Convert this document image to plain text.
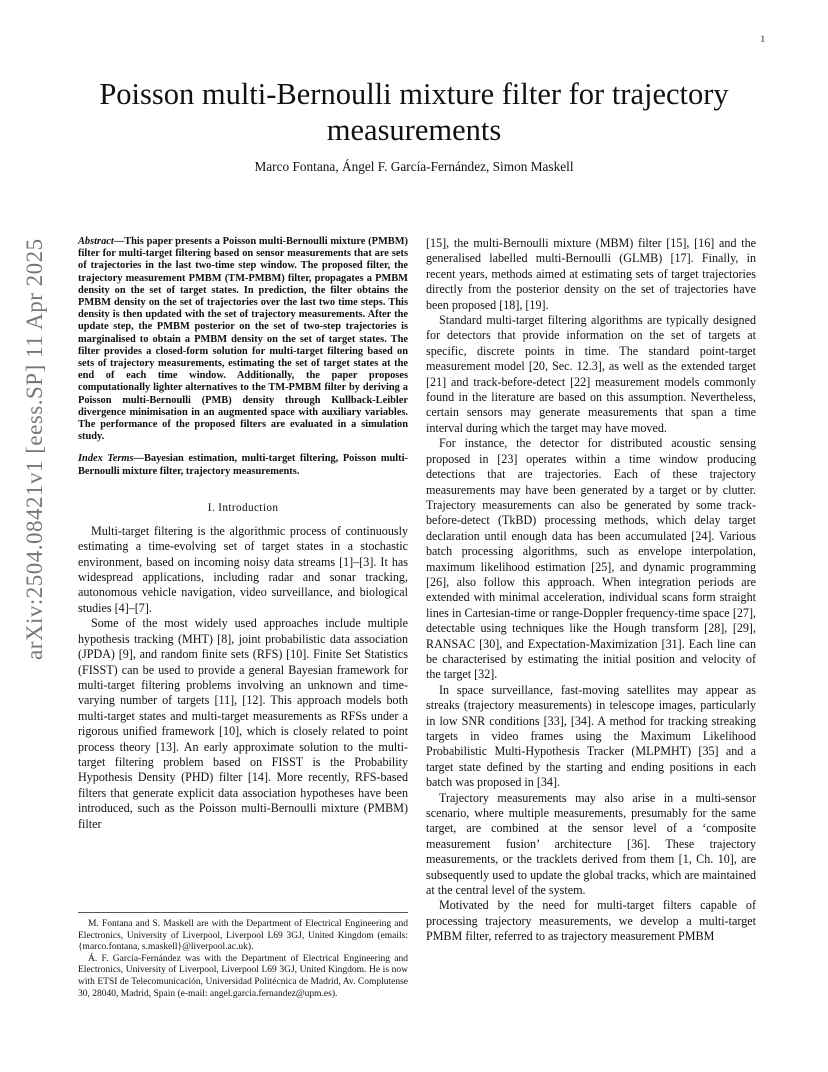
1
arXiv:2504.08421v1 [eess.SP] 11 Apr 2025
Poisson multi-Bernoulli mixture filter for trajectory measurements
Marco Fontana, Ángel F. García-Fernández, Simon Maskell

Abstract—This paper presents a Poisson multi-Bernoulli mixture (PMBM) filter for multi-target filtering based on sensor measurements that are sets of trajectories in the last two-time step window. The proposed filter, the trajectory measurement PMBM (TM-PMBM) filter, propagates a PMBM density on the set of target states. In prediction, the filter obtains the PMBM density on the set of trajectories over the last two time steps. This density is then updated with the set of trajectory measurements. After the update step, the PMBM posterior on the set of two-step trajectories is marginalised to obtain a PMBM density on the set of target states. The filter provides a closed-form solution for multi-target filtering based on sets of trajectory measurements, estimating the set of target states at the end of each time window. Additionally, the paper proposes computationally lighter alternatives to the TM-PMBM filter by deriving a Poisson multi-Bernoulli (PMB) density through Kullback-Leibler divergence minimisation in an augmented space with auxiliary variables. The performance of the proposed filters are evaluated in a simulation study.

Index Terms—Bayesian estimation, multi-target filtering, Poisson multi-Bernoulli mixture filter, trajectory measurements.

I. Introduction

Multi-target filtering is the algorithmic process of continuously estimating a time-evolving set of target states in a stochastic environment, based on incoming noisy data streams [1]–[3]. It has widespread applications, including radar and sonar tracking, autonomous vehicle navigation, video surveillance, and biological studies [4]–[7].

Some of the most widely used approaches include multiple hypothesis tracking (MHT) [8], joint probabilistic data association (JPDA) [9], and random finite sets (RFS) [10]. Finite Set Statistics (FISST) can be used to provide a general Bayesian framework for multi-target filtering problems involving an unknown and time-varying number of targets [11], [12]. This approach models both multi-target states and multi-target measurements as RFSs under a rigorous unified framework [10], which is closely related to point process theory [13]. An early approximate solution to the multi-target filtering problem based on FISST is the Probability Hypothesis Density (PHD) filter [14]. More recently, RFS-based filters that generate explicit data association hypotheses have been introduced, such as the Poisson multi-Bernoulli mixture (PMBM) filter

[15], the multi-Bernoulli mixture (MBM) filter [15], [16] and the generalised labelled multi-Bernoulli (GLMB) [17]. Finally, in recent years, methods aimed at estimating sets of target trajectories directly from the posterior density on the set of trajectories have been proposed [18], [19].

Standard multi-target filtering algorithms are typically designed for detectors that provide information on the set of targets at specific, discrete points in time. The standard point-target measurement model [20, Sec. 12.3], as well as the extended target [21] and track-before-detect [22] measurement models commonly found in the literature are based on this assumption. Nevertheless, certain sensors may generate measurements that span a time interval during which the target may have moved.

For instance, the detector for distributed acoustic sensing proposed in [23] operates within a time window producing detections that are trajectories. Each of these trajectory measurements may have been generated by a target or by clutter. Trajectory measurements can also be generated by some track-before-detect (TkBD) processing methods, which delay target declaration until enough data has been accumulated [24]. Various batch processing algorithms, such as envelope interpolation, maximum likelihood estimation [25], and dynamic programming [26], also follow this approach. When integration periods are extended with minimal acceleration, individual scans form straight lines in Cartesian-time or range-Doppler frequency-time space [27], detectable using techniques like the Hough transform [28], [29], RANSAC [30], and Expectation-Maximization [31]. Each line can be characterised by estimating the initial position and velocity of the target [32].

In space surveillance, fast-moving satellites may appear as streaks (trajectory measurements) in telescope images, particularly in low SNR conditions [33], [34]. A method for tracking streaking targets in video frames using the Maximum Likelihood Probabilistic Multi-Hypothesis Tracker (MLPMHT) [35] and a target state defined by the starting and ending positions in each batch was proposed in [34].

Trajectory measurements may also arise in a multi-sensor scenario, where multiple measurements, presumably for the same target, are combined at the sensor level of a ‘composite measurement fusion’ architecture [36]. These trajectory measurements, or the tracklets derived from them [1, Ch. 10], are subsequently used to update the global tracks, which are maintained at the central level of the system.

Motivated by the need for multi-target filters capable of processing trajectory measurements, we develop a multi-target PMBM filter, referred to as trajectory measurement PMBM

M. Fontana and S. Maskell are with the Department of Electrical Engineering and Electronics, University of Liverpool, Liverpool L69 3GJ, United Kingdom (emails: {marco.fontana, s.maskell}@liverpool.ac.uk).

Á. F. García-Fernández was with the Department of Electrical Engineering and Electronics, University of Liverpool, Liverpool L69 3GJ, United Kingdom. He is now with ETSI de Telecomunicación, Universidad Politécnica de Madrid, Av. Complutense 30, 28040, Madrid, Spain (e-mail: angel.garcia.fernandez@upm.es).
